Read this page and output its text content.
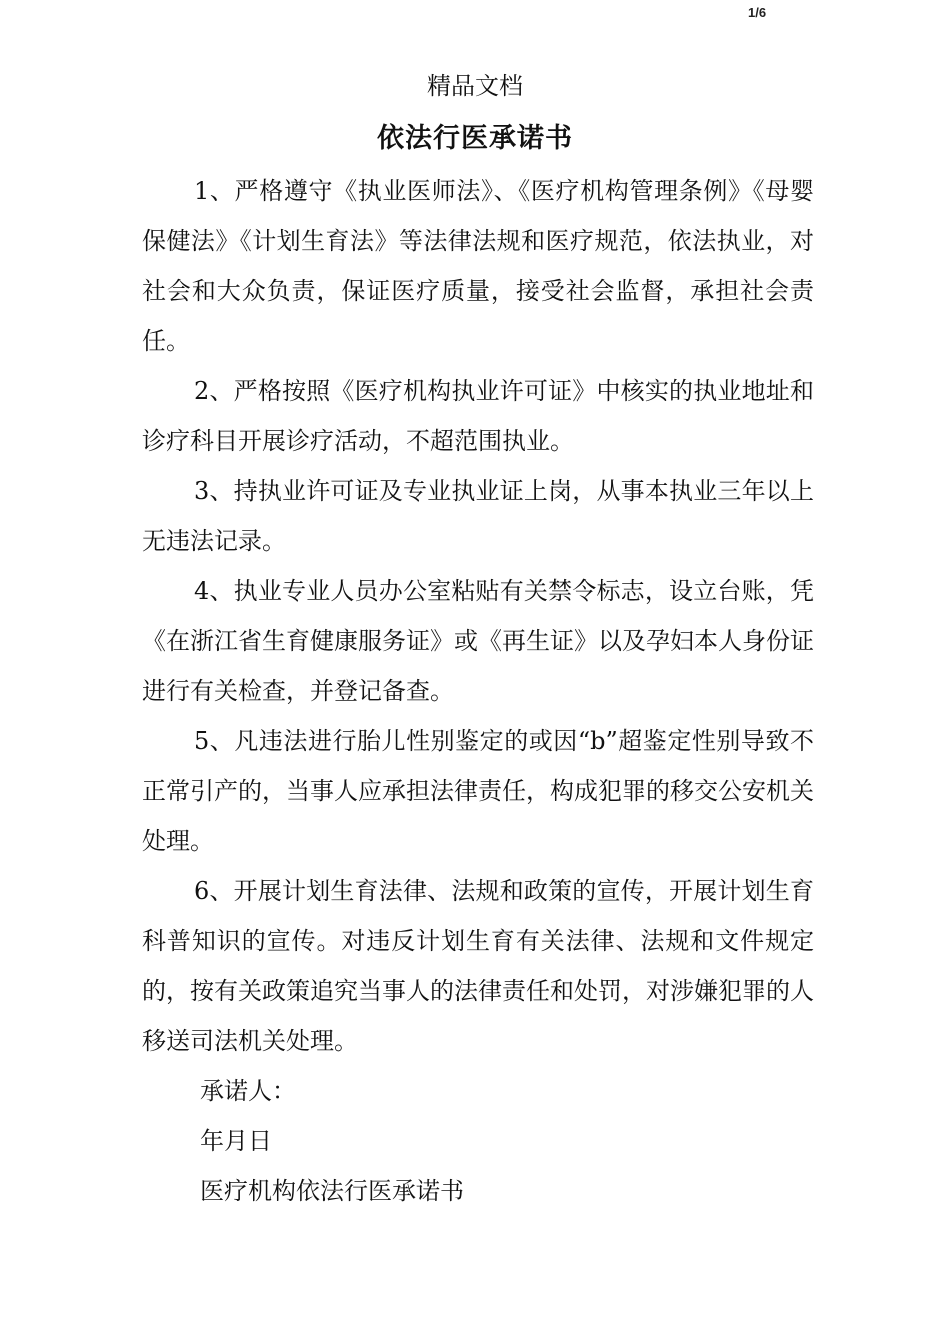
1/6
精品文档
依法行医承诺书

1、严格遵守《执业医师法》、《医疗机构管理条例》《母婴保健法》《计划生育法》等法律法规和医疗规范，依法执业，对社会和大众负责，保证医疗质量，接受社会监督，承担社会责任。

2、严格按照《医疗机构执业许可证》中核实的执业地址和诊疗科目开展诊疗活动，不超范围执业。

3、持执业许可证及专业执业证上岗，从事本执业三年以上无违法记录。

4、执业专业人员办公室粘贴有关禁令标志，设立台账，凭《在浙江省生育健康服务证》或《再生证》以及孕妇本人身份证进行有关检查，并登记备查。

5、凡违法进行胎儿性别鉴定的或因“b”超鉴定性别导致不正常引产的，当事人应承担法律责任，构成犯罪的移交公安机关处理。

6、开展计划生育法律、法规和政策的宣传，开展计划生育科普知识的宣传。对违反计划生育有关法律、法规和文件规定的，按有关政策追究当事人的法律责任和处罚，对涉嫌犯罪的人移送司法机关处理。

承诺人：

年月日

医疗机构依法行医承诺书
